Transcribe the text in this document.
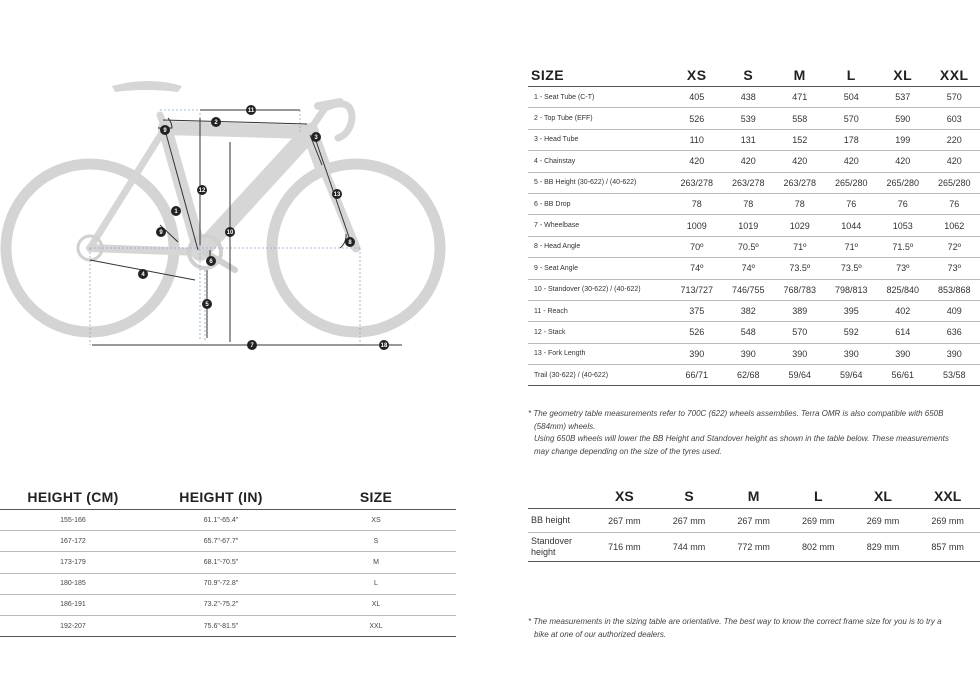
1
2
3
4
5
6
7
8
9
9	10
11
12
13
18
SIZE	XS	S	M	L	XL	XXL
1 - Seat Tube (C-T)	405	438	471	504	537	570
2 - Top Tube (EFF)	526	539	558	570	590	603
3 - Head Tube	110	131	152	178	199	220
4 - Chainstay	420	420	420	420	420	420
5 - BB Height (30-622) / (40-622)	263/278	263/278	263/278	265/280	265/280	265/280
6 - BB Drop	78	78	78	76	76	76
7 - Wheelbase	1009	1019	1029	1044	1053	1062
8 - Head Angle	70º	70.5º	71º	71º	71.5º	72º
9 - Seat Angle	74º	74º	73.5º	73.5º	73º	73º
10 - Standover (30-622) / (40-622)	713/727	746/755	768/783	798/813	825/840	853/868
11 - Reach	375	382	389	395	402	409
12 - Stack	526	548	570	592	614	636
13 - Fork Length	390	390	390	390	390	390
Trail (30-622) / (40-622)	66/71	62/68	59/64	59/64	56/61	53/58
* The geometry table measurements refer to 700C (622) wheels assemblies. Terra OMR is also compatible with 650B
(584mm) wheels.
Using 650B wheels will lower the BB Height and Standover height as shown in the table below. These measurements
may change depending on the size of the tyres used.
	XS	S	M	L	XL	XXL
BB height	267 mm	267 mm	267 mm	269 mm	269 mm	269 mm
Standover height	716 mm	744 mm	772 mm	802 mm	829 mm	857 mm
HEIGHT (CM)	HEIGHT (IN)	SIZE
155-166	61.1"-65.4"	XS
167-172	65.7"-67.7"	S
173-179	68.1"-70.5"	M
180-185	70.9"-72.8"	L
186-191	73.2"-75.2"	XL
192-207	75.6"-81.5"	XXL
* The measurements in the sizing table are orientative. The best way to know the correct frame size for you is to try a
bike at one of our authorized dealers.
